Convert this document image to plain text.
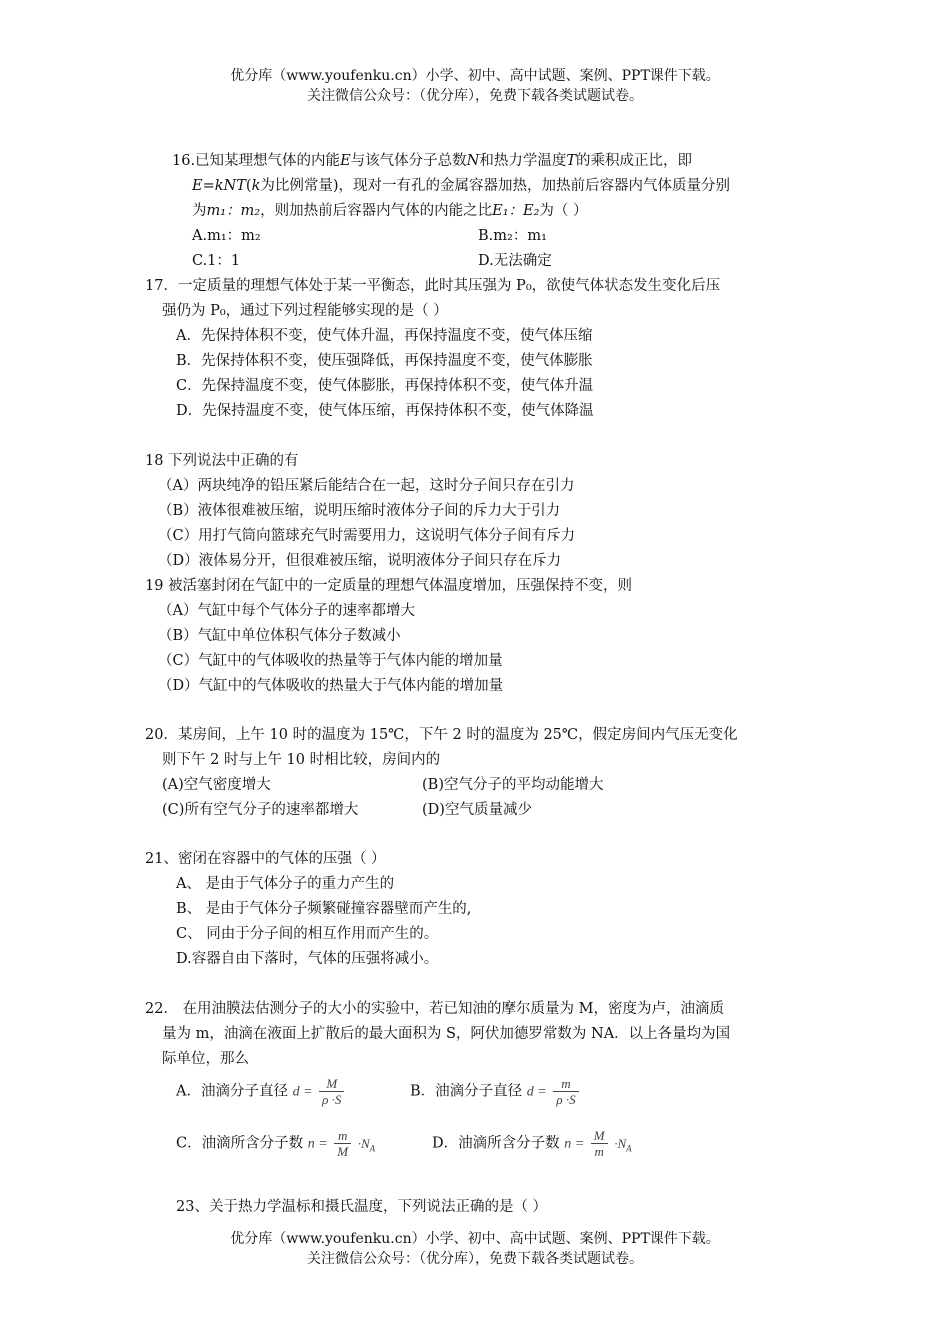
优分库（www.youfenku.cn）小学、初中、高中试题、案例、PPT课件下载。
关注微信公众号：（优分库），免费下载各类试题试卷。
16.已知某理想气体的内能E与该气体分子总数N和热力学温度T的乘积成正比，即
E=kNT(k为比例常量)，现对一有孔的金属容器加热，加热前后容器内气体质量分别
为m₁：m₂，则加热前后容器内气体的内能之比E₁：E₂为（ ）
A.m₁：m₂	B.m₂：m₁
C.1：1	D.无法确定
17．一定质量的理想气体处于某一平衡态，此时其压强为 P₀，欲使气体状态发生变化后压
强仍为 P₀，通过下列过程能够实现的是（ ）
A．先保持体积不变，使气体升温，再保持温度不变，使气体压缩
B．先保持体积不变，使压强降低，再保持温度不变，使气体膨胀
C．先保持温度不变，使气体膨胀，再保持体积不变，使气体升温
D．先保持温度不变，使气体压缩，再保持体积不变，使气体降温
18 下列说法中正确的有
（A）两块纯净的铅压紧后能结合在一起，这时分子间只存在引力
（B）液体很难被压缩，说明压缩时液体分子间的斥力大于引力
（C）用打气筒向篮球充气时需要用力，这说明气体分子间有斥力
（D）液体易分开，但很难被压缩，说明液体分子间只存在斥力
19 被活塞封闭在气缸中的一定质量的理想气体温度增加，压强保持不变，则
（A）气缸中每个气体分子的速率都增大
（B）气缸中单位体积气体分子数减小
（C）气缸中的气体吸收的热量等于气体内能的增加量
（D）气缸中的气体吸收的热量大于气体内能的增加量
20．某房间，上午 10 时的温度为 15℃，下午 2 时的温度为 25℃，假定房间内气压无变化
则下午 2 时与上午 10 时相比较，房间内的
(A)空气密度增大	(B)空气分子的平均动能增大
(C)所有空气分子的速率都增大	(D)空气质量减少
21、密闭在容器中的气体的压强（ ）
A、 是由于气体分子的重力产生的
B、 是由于气体分子频繁碰撞容器壁而产生的,
C、 同由于分子间的相互作用而产生的。
D.容器自由下落时，气体的压强将减小。
22． 在用油膜法估测分子的大小的实验中，若已知油的摩尔质量为 M，密度为卢，油滴质
量为 m，油滴在液面上扩散后的最大面积为 S，阿伏加德罗常数为 NA．以上各量均为国
际单位，那么
A．油滴分子直径 $d = \frac{M}{\rho \cdot S}$	B．油滴分子直径 $d = \frac{m}{\rho \cdot S}$
C．油滴所含分子数 $n = \frac{m}{M} \cdot N_A$	D．油滴所含分子数 $n = \frac{M}{m} \cdot N_A$
23、关于热力学温标和摄氏温度，下列说法正确的是（ ）
优分库（www.youfenku.cn）小学、初中、高中试题、案例、PPT课件下载。
关注微信公众号：（优分库），免费下载各类试题试卷。
